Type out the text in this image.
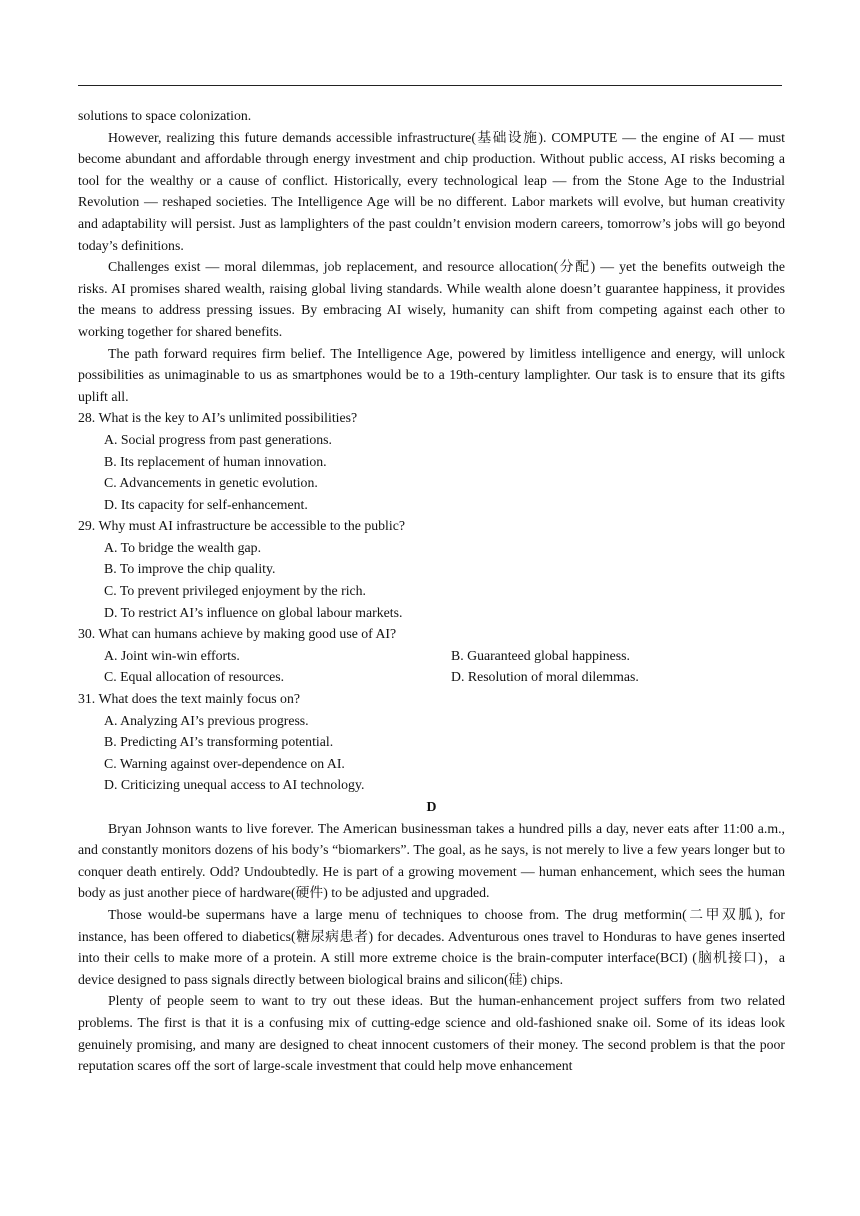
solutions to space colonization.

However, realizing this future demands accessible infrastructure(基础设施). COMPUTE — the engine of AI — must become abundant and affordable through energy investment and chip production. Without public access, AI risks becoming a tool for the wealthy or a cause of conflict. Historically, every technological leap — from the Stone Age to the Industrial Revolution — reshaped societies. The Intelligence Age will be no different. Labor markets will evolve, but human creativity and adaptability will persist. Just as lamplighters of the past couldn’t envision modern careers, tomorrow’s jobs will go beyond today’s definitions.

Challenges exist — moral dilemmas, job replacement, and resource allocation(分配) — yet the benefits outweigh the risks. AI promises shared wealth, raising global living standards. While wealth alone doesn’t guarantee happiness, it provides the means to address pressing issues. By embracing AI wisely, humanity can shift from competing against each other to working together for shared benefits.

The path forward requires firm belief. The Intelligence Age, powered by limitless intelligence and energy, will unlock possibilities as unimaginable to us as smartphones would be to a 19th-century lamplighter. Our task is to ensure that its gifts uplift all.

28. What is the key to AI’s unlimited possibilities?

A. Social progress from past generations.

B. Its replacement of human innovation.

C. Advancements in genetic evolution.

D. Its capacity for self-enhancement.

29. Why must AI infrastructure be accessible to the public?

A. To bridge the wealth gap.

B. To improve the chip quality.

C. To prevent privileged enjoyment by the rich.

D. To restrict AI’s influence on global labour markets.

30. What can humans achieve by making good use of AI?

A. Joint win-win efforts.	B. Guaranteed global happiness.
C. Equal allocation of resources.	D. Resolution of moral dilemmas.

31. What does the text mainly focus on?

A. Analyzing AI’s previous progress.

B. Predicting AI’s transforming potential.

C. Warning against over-dependence on AI.

D. Criticizing unequal access to AI technology.

D

Bryan Johnson wants to live forever. The American businessman takes a hundred pills a day, never eats after 11:00 a.m., and constantly monitors dozens of his body’s “biomarkers”. The goal, as he says, is not merely to live a few years longer but to conquer death entirely. Odd? Undoubtedly. He is part of a growing movement — human enhancement, which sees the human body as just another piece of hardware(硬件) to be adjusted and upgraded.

Those would-be supermans have a large menu of techniques to choose from. The drug metformin(二甲双胍), for instance, has been offered to diabetics(糖尿病患者) for decades. Adventurous ones travel to Honduras to have genes inserted into their cells to make more of a protein. A still more extreme choice is the brain-computer interface(BCI) (脑机接口)，a device designed to pass signals directly between biological brains and silicon(硅) chips.

Plenty of people seem to want to try out these ideas. But the human-enhancement project suffers from two related problems. The first is that it is a confusing mix of cutting-edge science and old-fashioned snake oil. Some of its ideas look genuinely promising, and many are designed to cheat innocent customers of their money. The second problem is that the poor reputation scares off the sort of large-scale investment that could help move enhancement
